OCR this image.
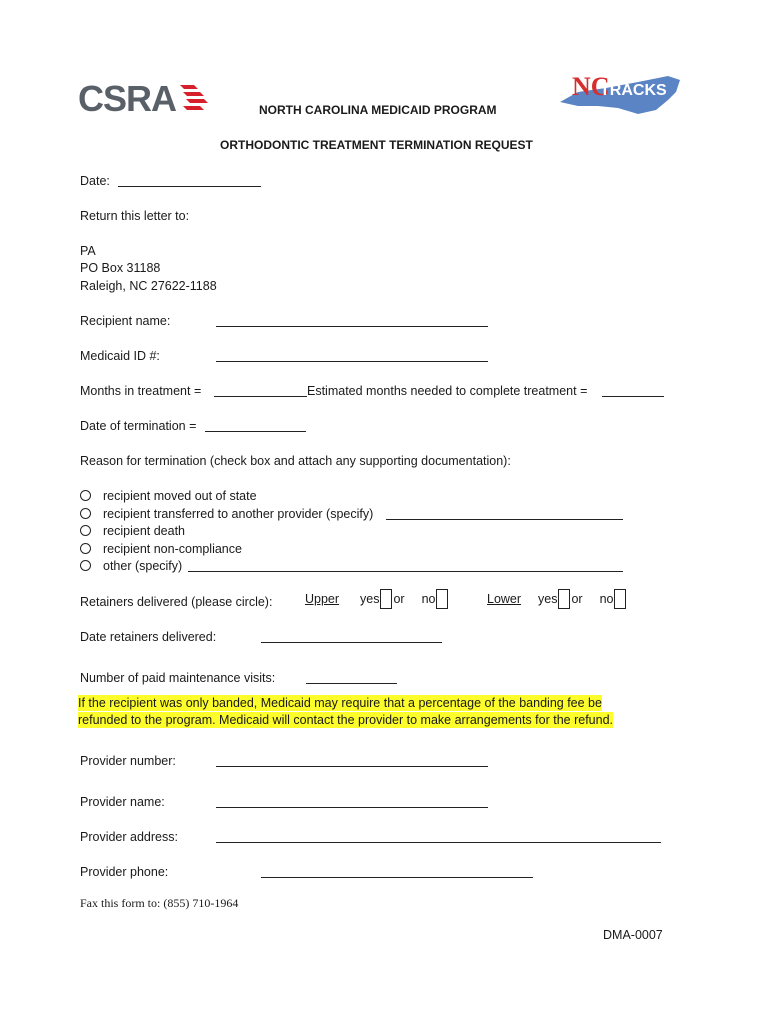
CSRA	NC
TRACKS
NORTH CAROLINA MEDICAID PROGRAM
ORTHODONTIC TREATMENT TERMINATION REQUEST
Date:
Return this letter to:
PA
PO Box 31188
Raleigh, NC 27622-1188
Recipient name:
Medicaid ID #:
Months in treatment =	Estimated months needed to complete treatment =
Date of termination =
Reason for termination (check box and attach any supporting documentation):
recipient moved out of state
recipient transferred to another provider (specify)
recipient death
recipient non-compliance
other (specify)
Retainers delivered (please circle):	Upper yes or no	Lower yes or no
Date retainers delivered:
Number of paid maintenance visits:
If the recipient was only banded, Medicaid may require that a percentage of the banding fee be
refunded to the program. Medicaid will contact the provider to make arrangements for the refund.
Provider number:
Provider name:
Provider address:
Provider phone:
Fax this form to: (855) 710-1964
DMA-0007
